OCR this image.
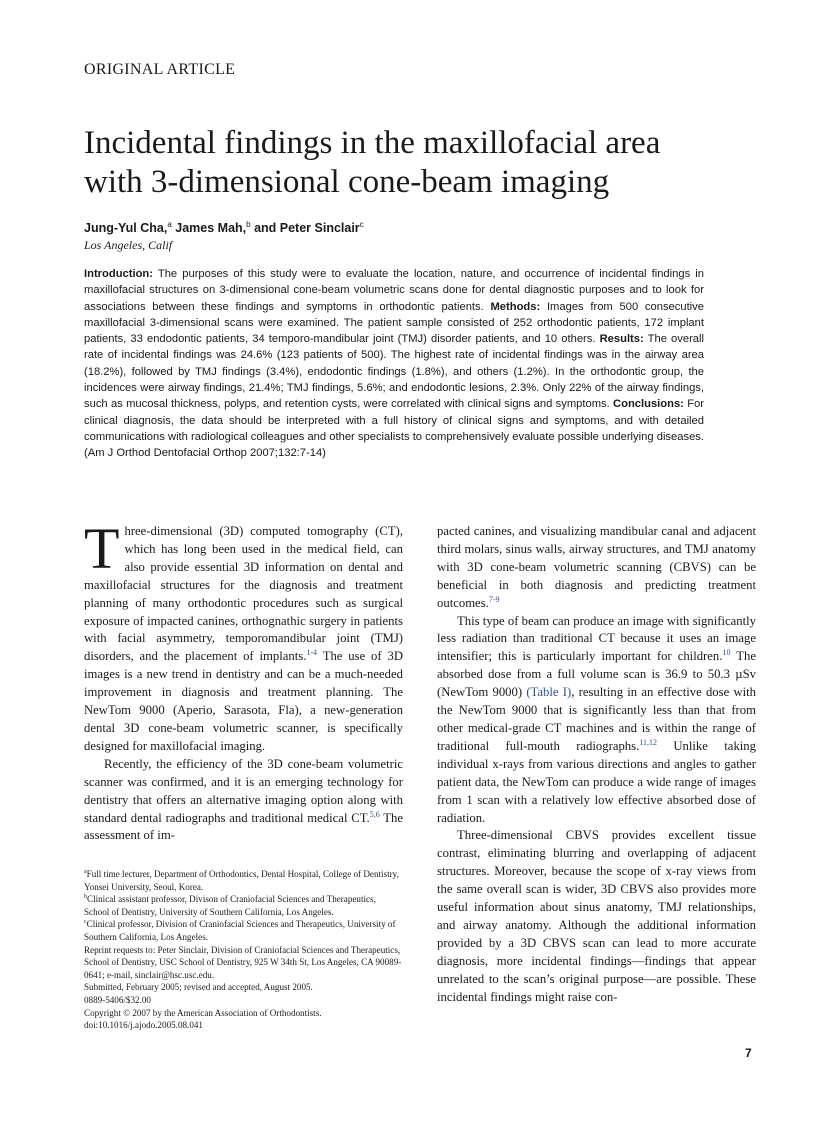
ORIGINAL ARTICLE
Incidental findings in the maxillofacial area
with 3-dimensional cone-beam imaging
Jung-Yul Cha,$^a$ James Mah,$^b$ and Peter Sinclair$^c$
Los Angeles, Calif

Introduction: The purposes of this study were to evaluate the location, nature, and occurrence of incidental findings in maxillofacial structures on 3-dimensional cone-beam volumetric scans done for dental diagnostic purposes and to look for associations between these findings and symptoms in orthodontic patients. Methods: Images from 500 consecutive maxillofacial 3-dimensional scans were examined. The patient sample consisted of 252 orthodontic patients, 172 implant patients, 33 endodontic patients, 34 temporo-mandibular joint (TMJ) disorder patients, and 10 others. Results: The overall rate of incidental findings was 24.6% (123 patients of 500). The highest rate of incidental findings was in the airway area (18.2%), followed by TMJ findings (3.4%), endodontic findings (1.8%), and others (1.2%). In the orthodontic group, the incidences were airway findings, 21.4%; TMJ findings, 5.6%; and endodontic lesions, 2.3%. Only 22% of the airway findings, such as mucosal thickness, polyps, and retention cysts, were correlated with clinical signs and symptoms. Conclusions: For clinical diagnosis, the data should be interpreted with a full history of clinical signs and symptoms, and with detailed communications with radiological colleagues and other specialists to comprehensively evaluate possible underlying diseases. (Am J Orthod Dentofacial Orthop 2007;132:7-14)

Three-dimensional (3D) computed tomography (CT), which has long been used in the medical field, can also provide essential 3D information on dental and maxillofacial structures for the diagnosis and treatment planning of many orthodontic procedures such as surgical exposure of impacted canines, orthognathic surgery in patients with facial asymmetry, temporomandibular joint (TMJ) disorders, and the placement of implants.$^{1-4}$ The use of 3D images is a new trend in dentistry and can be a much-needed improvement in diagnosis and treatment planning. The NewTom 9000 (Aperio, Sarasota, Fla), a new-generation dental 3D cone-beam volumetric scanner, is specifically designed for maxillofacial imaging.

Recently, the efficiency of the 3D cone-beam volumetric scanner was confirmed, and it is an emerging technology for dentistry that offers an alternative imaging option along with standard dental radiographs and traditional medical CT.$^{5,6}$ The assessment of im-

$^a$Full time lecturer, Department of Orthodontics, Dental Hospital, College of Dentistry, Yonsei University, Seoul, Korea.

$^b$Clinical assistant professor, Divison of Craniofacial Sciences and Therapeutics, School of Dentistry, University of Southern California, Los Angeles.

$^c$Clinical professor, Division of Craniofacial Sciences and Therapeutics, University of Southern California, Los Angeles.

Reprint requests to: Peter Sinclair, Division of Craniofacial Sciences and Therapeutics, School of Dentistry, USC School of Dentistry, 925 W 34th St, Los Angeles, CA 90089-0641; e-mail, sinclair@hsc.usc.edu.

Submitted, February 2005; revised and accepted, August 2005.

0889-5406/$32.00

Copyright © 2007 by the American Association of Orthodontists.

doi:10.1016/j.ajodo.2005.08.041

pacted canines, and visualizing mandibular canal and adjacent third molars, sinus walls, airway structures, and TMJ anatomy with 3D cone-beam volumetric scanning (CBVS) can be beneficial in both diagnosis and predicting treatment outcomes.$^{7-9}$

This type of beam can produce an image with significantly less radiation than traditional CT because it uses an image intensifier; this is particularly important for children.$^{10}$ The absorbed dose from a full volume scan is 36.9 to 50.3 µSv (NewTom 9000) (Table I), resulting in an effective dose with the NewTom 9000 that is significantly less than that from other medical-grade CT machines and is within the range of traditional full-mouth radiographs.$^{11,12}$ Unlike taking individual x-rays from various directions and angles to gather patient data, the NewTom can produce a wide range of images from 1 scan with a relatively low effective absorbed dose of radiation.

Three-dimensional CBVS provides excellent tissue contrast, eliminating blurring and overlapping of adjacent structures. Moreover, because the scope of x-ray views from the same overall scan is wider, 3D CBVS also provides more useful information about sinus anatomy, TMJ relationships, and airway anatomy. Although the additional information provided by a 3D CBVS scan can lead to more accurate diagnosis, more incidental findings—findings that appear unrelated to the scan’s original purpose—are possible. These incidental findings might raise con-

7
